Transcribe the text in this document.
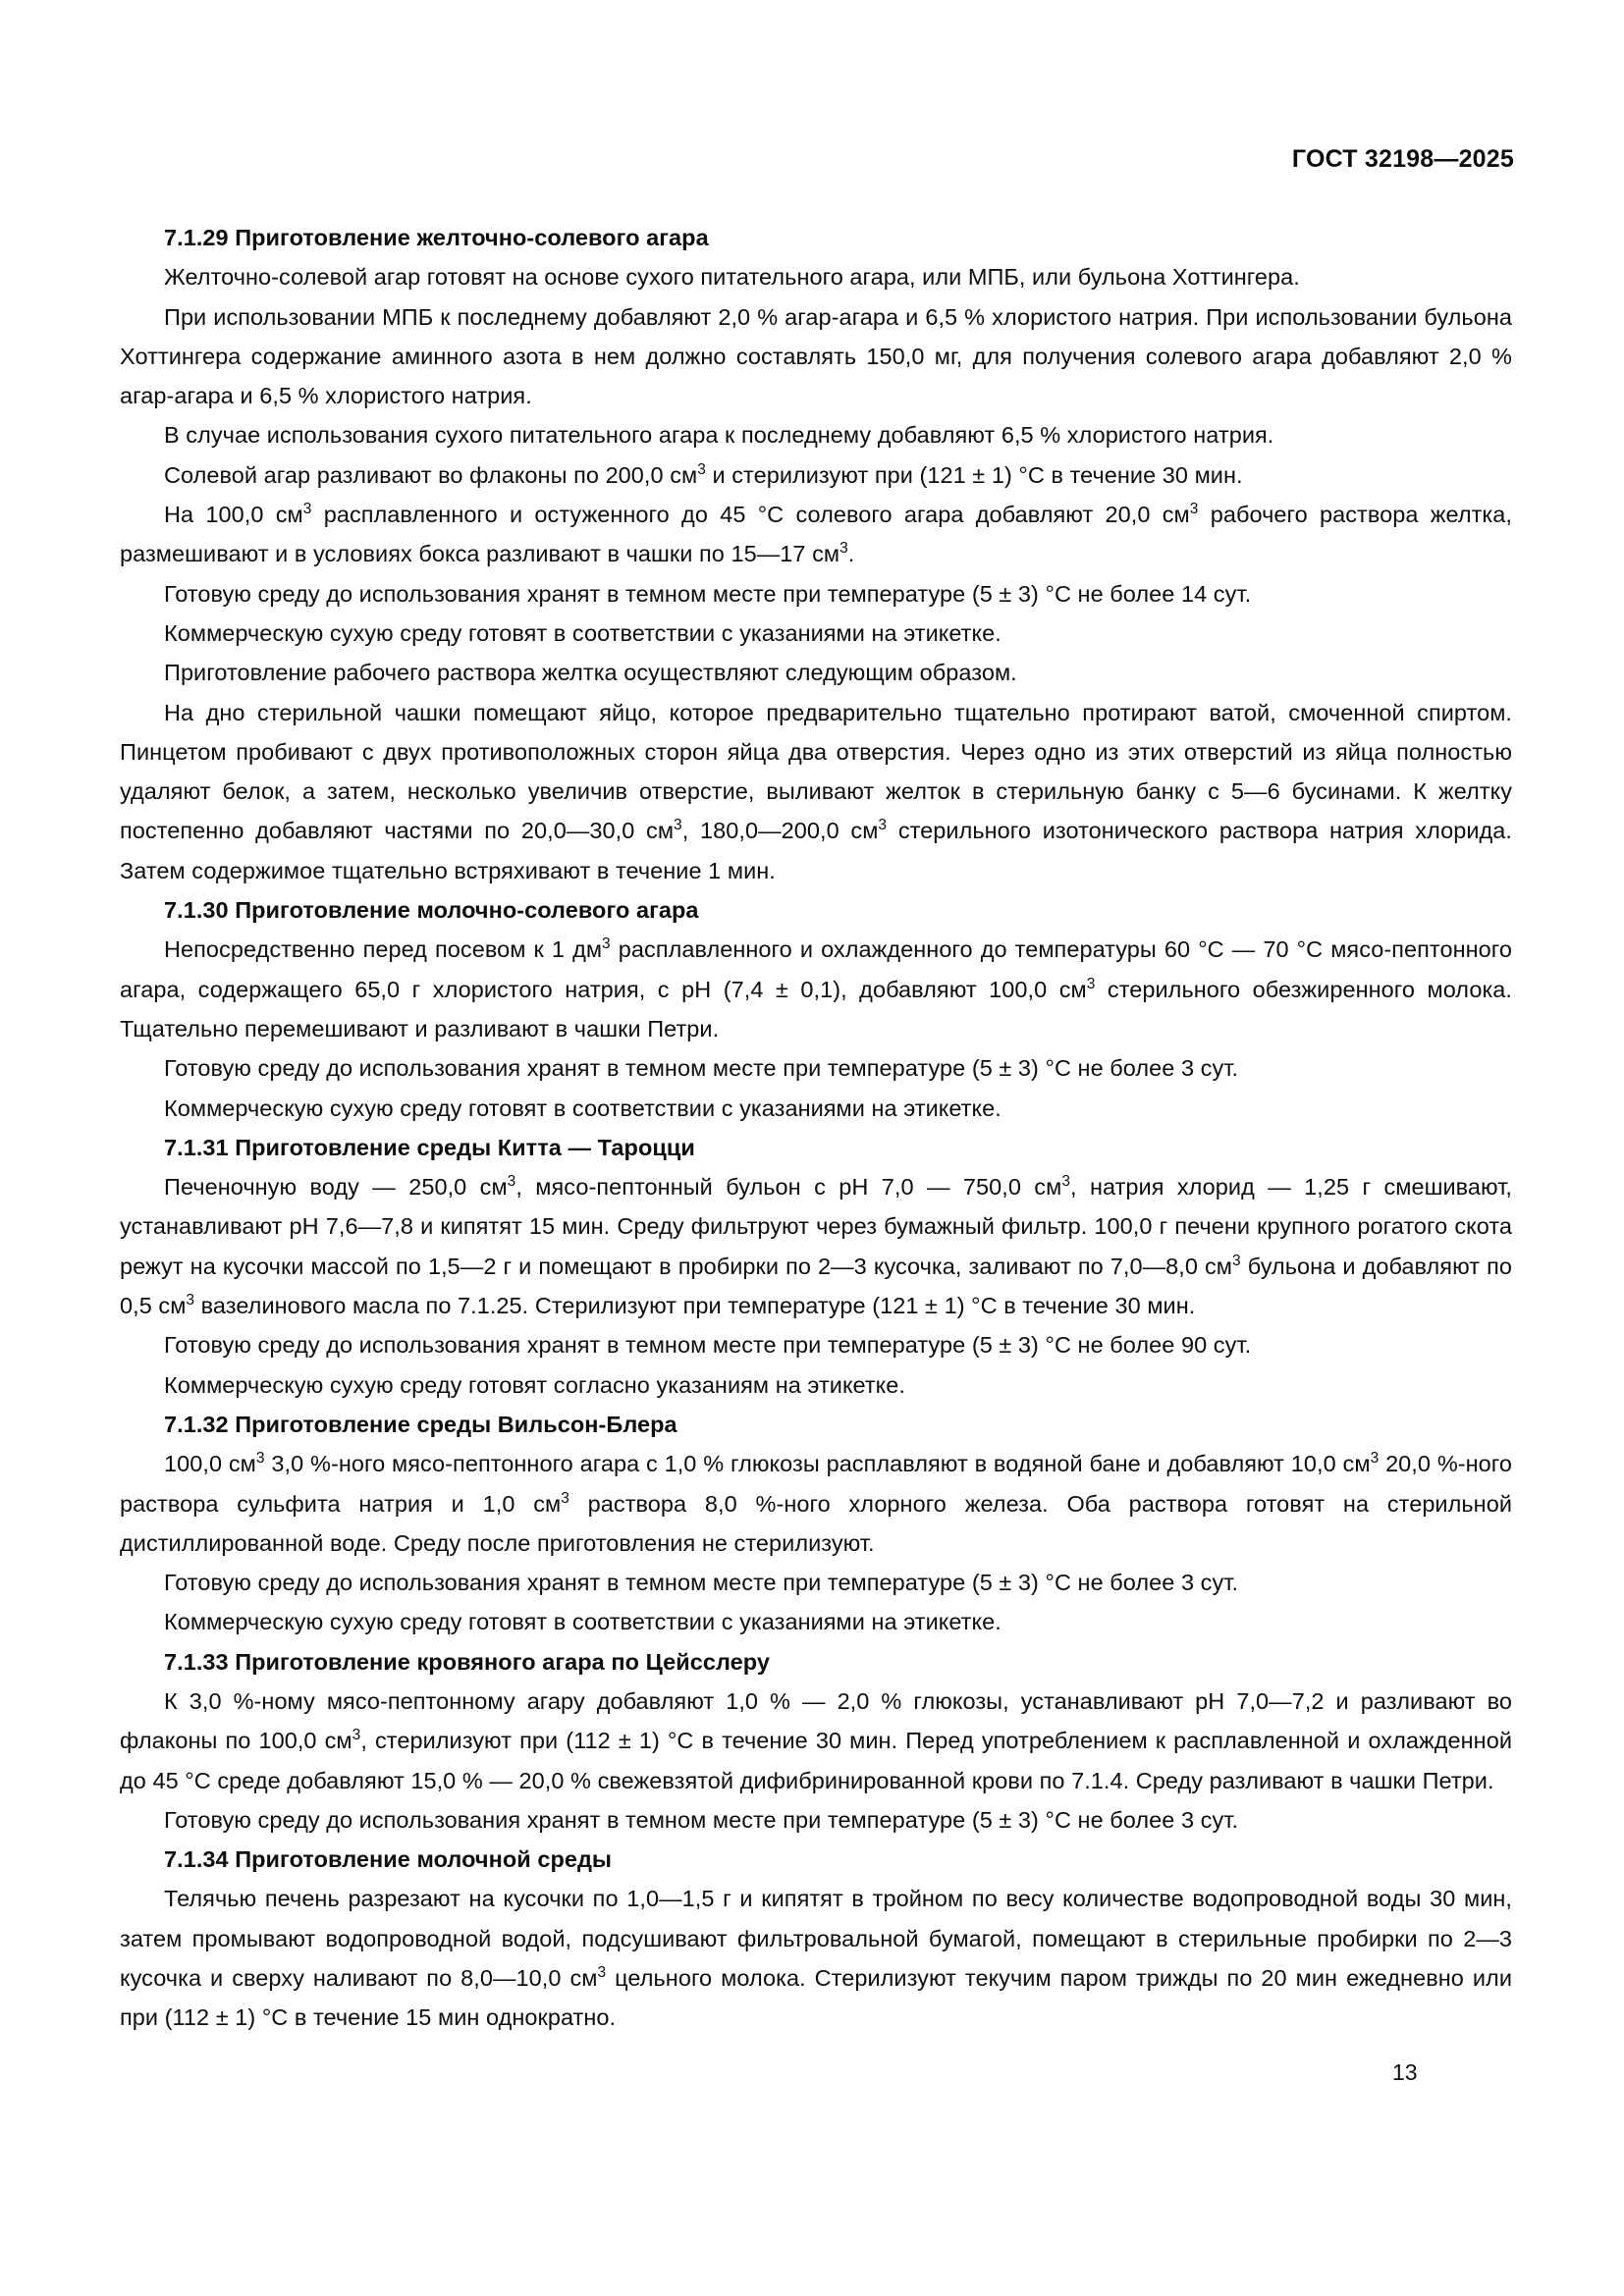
ГОСТ 32198—2025
7.1.29 Приготовление желточно-солевого агара

Желточно-солевой агар готовят на основе сухого питательного агара, или МПБ, или бульона Хоттингера.

При использовании МПБ к последнему добавляют 2,0 % агар-агара и 6,5 % хлористого натрия. При использовании бульона Хоттингера содержание аминного азота в нем должно составлять 150,0 мг, для получения солевого агара добавляют 2,0 % агар-агара и 6,5 % хлористого натрия.

В случае использования сухого питательного агара к последнему добавляют 6,5 % хлористого натрия.

Солевой агар разливают во флаконы по 200,0 $см^3$ и стерилизуют при (121 ± 1) °C в течение 30 мин.

На 100,0 $см^3$ расплавленного и остуженного до 45 °C солевого агара добавляют 20,0 $см^3$ рабочего раствора желтка, размешивают и в условиях бокса разливают в чашки по 15—17 $см^3$.

Готовую среду до использования хранят в темном месте при температуре (5 ± 3) °C не более 14 сут.

Коммерческую сухую среду готовят в соответствии с указаниями на этикетке.

Приготовление рабочего раствора желтка осуществляют следующим образом.

На дно стерильной чашки помещают яйцо, которое предварительно тщательно протирают ватой, смоченной спиртом. Пинцетом пробивают с двух противоположных сторон яйца два отверстия. Через одно из этих отверстий из яйца полностью удаляют белок, а затем, несколько увеличив отверстие, выливают желток в стерильную банку с 5—6 бусинами. К желтку постепенно добавляют частями по 20,0—30,0 $см^3$, 180,0—200,0 $см^3$ стерильного изотонического раствора натрия хлорида. Затем содержимое тщательно встряхивают в течение 1 мин.

7.1.30 Приготовление молочно-солевого агара

Непосредственно перед посевом к 1 $дм^3$ расплавленного и охлажденного до температуры 60 °C — 70 °C мясо-пептонного агара, содержащего 65,0 г хлористого натрия, с pH (7,4 ± 0,1), добавляют 100,0 $см^3$ стерильного обезжиренного молока. Тщательно перемешивают и разливают в чашки Петри.

Готовую среду до использования хранят в темном месте при температуре (5 ± 3) °C не более 3 сут.

Коммерческую сухую среду готовят в соответствии с указаниями на этикетке.

7.1.31 Приготовление среды Китта — Тароцци

Печеночную воду — 250,0 $см^3$, мясо-пептонный бульон с pH 7,0 — 750,0 $см^3$, натрия хлорид — 1,25 г смешивают, устанавливают pH 7,6—7,8 и кипятят 15 мин. Среду фильтруют через бумажный фильтр. 100,0 г печени крупного рогатого скота режут на кусочки массой по 1,5—2 г и помещают в пробирки по 2—3 кусочка, заливают по 7,0—8,0 $см^3$ бульона и добавляют по 0,5 $см^3$ вазелинового масла по 7.1.25. Стерилизуют при температуре (121 ± 1) °C в течение 30 мин.

Готовую среду до использования хранят в темном месте при температуре (5 ± 3) °C не более 90 сут.

Коммерческую сухую среду готовят согласно указаниям на этикетке.

7.1.32 Приготовление среды Вильсон-Блера

100,0 $см^3$ 3,0 %-ного мясо-пептонного агара с 1,0 % глюкозы расплавляют в водяной бане и добавляют 10,0 $см^3$ 20,0 %-ного раствора сульфита натрия и 1,0 $см^3$ раствора 8,0 %-ного хлорного железа. Оба раствора готовят на стерильной дистиллированной воде. Среду после приготовления не стерилизуют.

Готовую среду до использования хранят в темном месте при температуре (5 ± 3) °C не более 3 сут.

Коммерческую сухую среду готовят в соответствии с указаниями на этикетке.

7.1.33 Приготовление кровяного агара по Цейсслеру

К 3,0 %-ному мясо-пептонному агару добавляют 1,0 % — 2,0 % глюкозы, устанавливают pH 7,0—7,2 и разливают во флаконы по 100,0 $см^3$, стерилизуют при (112 ± 1) °C в течение 30 мин. Перед употреблением к расплавленной и охлажденной до 45 °C среде добавляют 15,0 % — 20,0 % свежевзятой дифибринированной крови по 7.1.4. Среду разливают в чашки Петри.

Готовую среду до использования хранят в темном месте при температуре (5 ± 3) °C не более 3 сут.

7.1.34 Приготовление молочной среды

Телячью печень разрезают на кусочки по 1,0—1,5 г и кипятят в тройном по весу количестве водопроводной воды 30 мин, затем промывают водопроводной водой, подсушивают фильтровальной бумагой, помещают в стерильные пробирки по 2—3 кусочка и сверху наливают по 8,0—10,0 $см^3$ цельного молока. Стерилизуют текучим паром трижды по 20 мин ежедневно или при (112 ± 1) °C в течение 15 мин однократно.

13
